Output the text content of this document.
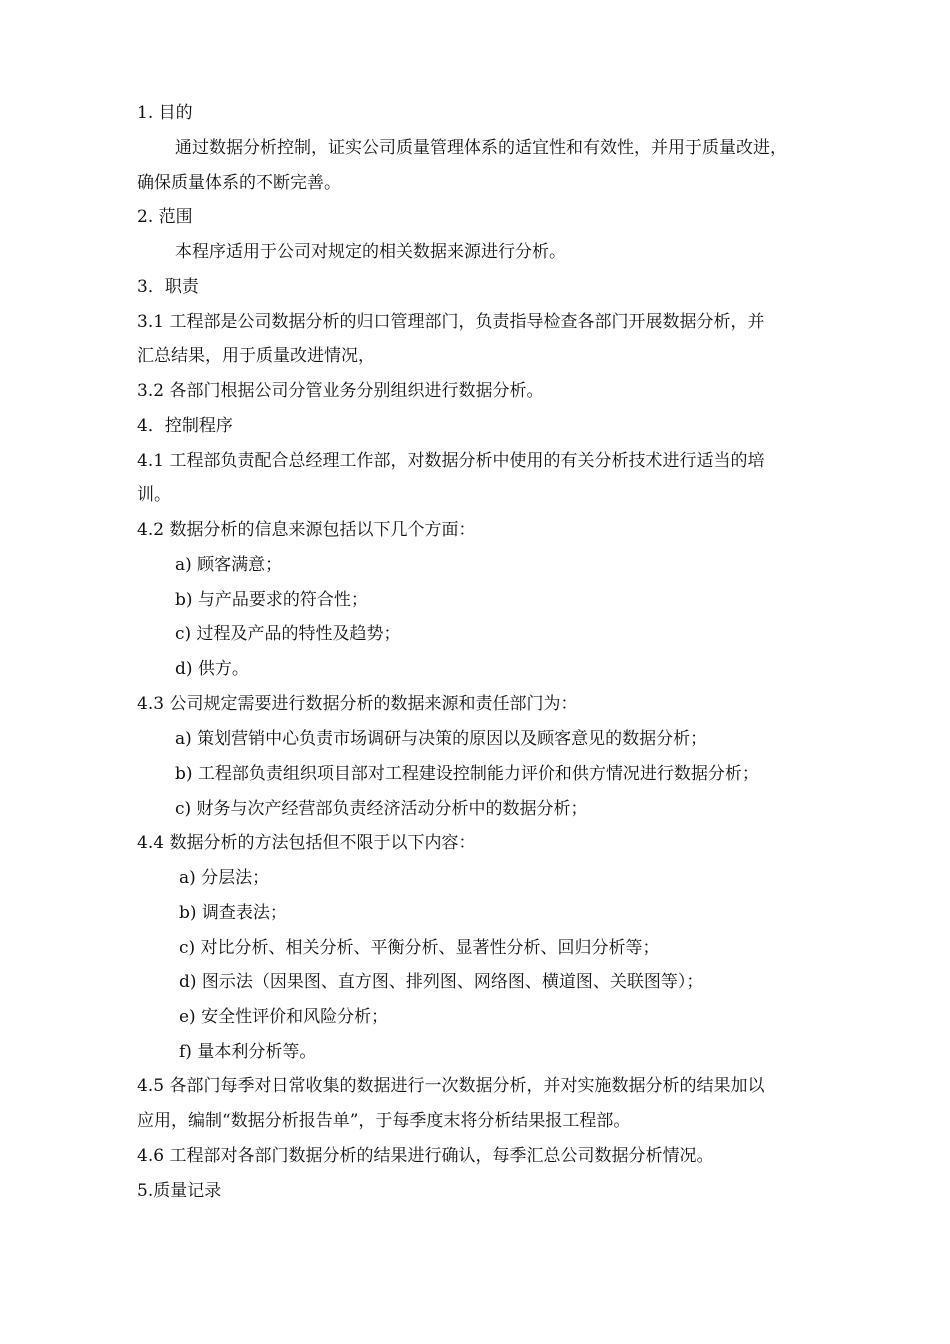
1. 目的
通过数据分析控制，证实公司质量管理体系的适宜性和有效性，并用于质量改进，
确保质量体系的不断完善。
2. 范围
本程序适用于公司对规定的相关数据来源进行分析。
3．职责
3.1 工程部是公司数据分析的归口管理部门，负责指导检查各部门开展数据分析，并
汇总结果，用于质量改进情况，
3.2 各部门根据公司分管业务分别组织进行数据分析。
4．控制程序
4.1 工程部负责配合总经理工作部，对数据分析中使用的有关分析技术进行适当的培
训。
4.2 数据分析的信息来源包括以下几个方面：
a) 顾客满意；
b) 与产品要求的符合性；
c) 过程及产品的特性及趋势；
d) 供方。
4.3 公司规定需要进行数据分析的数据来源和责任部门为：
a) 策划营销中心负责市场调研与决策的原因以及顾客意见的数据分析；
b) 工程部负责组织项目部对工程建设控制能力评价和供方情况进行数据分析；
c) 财务与次产经营部负责经济活动分析中的数据分析；
4.4 数据分析的方法包括但不限于以下内容：
a) 分层法；
b) 调查表法；
c) 对比分析、相关分析、平衡分析、显著性分析、回归分析等；
d) 图示法（因果图、直方图、排列图、网络图、横道图、关联图等）；
e) 安全性评价和风险分析；
f) 量本利分析等。
4.5 各部门每季对日常收集的数据进行一次数据分析，并对实施数据分析的结果加以
应用，编制“数据分析报告单”，于每季度末将分析结果报工程部。
4.6 工程部对各部门数据分析的结果进行确认，每季汇总公司数据分析情况。
5.质量记录
